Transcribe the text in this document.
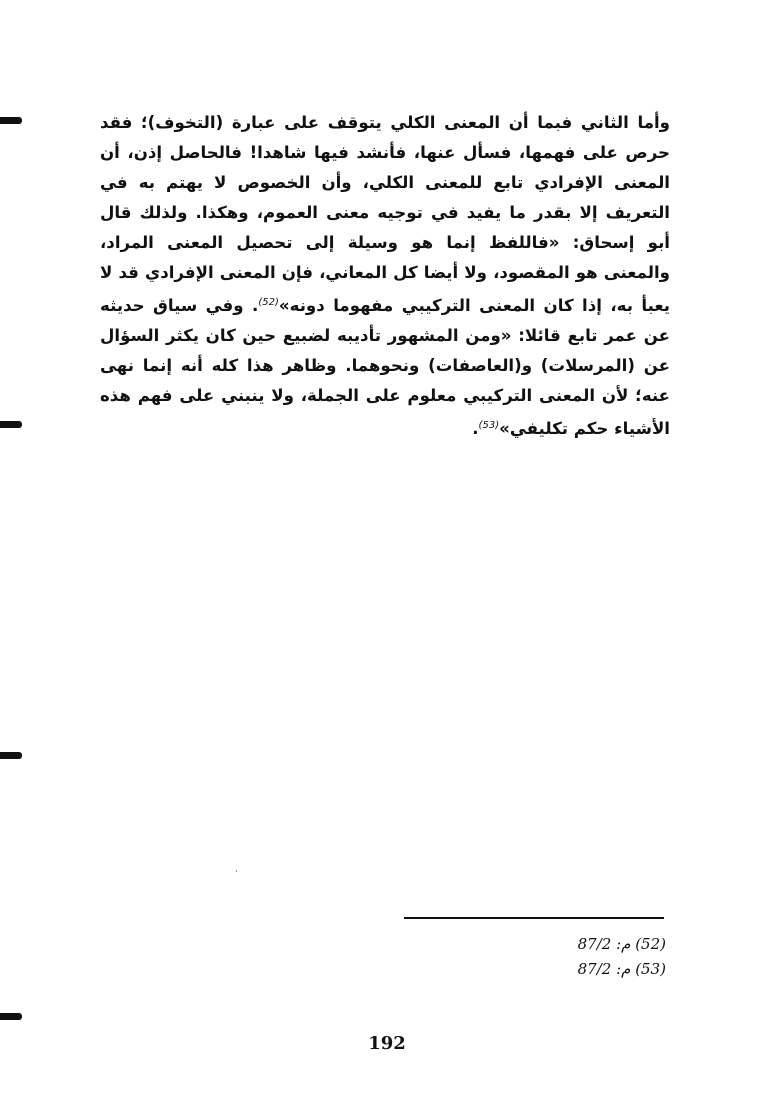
وأما الثاني فبما أن المعنى الكلي يتوقف على عبارة (التخوف)؛ فقد حرص على فهمها، فسأل عنها، فأنشد فيها شاهدا! فالحاصل إذن، أن المعنى الإفرادي تابع للمعنى الكلي، وأن الخصوص لا يهتم به في التعريف إلا بقدر ما يفيد في توجيه معنى العموم، وهكذا. ولذلك قال أبو إسحاق: «فاللفظ إنما هو وسيلة إلى تحصيل المعنى المراد، والمعنى هو المقصود، ولا أيضا كل المعاني، فإن المعنى الإفرادي قد لا يعبأ به، إذا كان المعنى التركيبي مفهوما دونه»$^{(52)}$. وفي سياق حديثه عن عمر تابع قائلا: «ومن المشهور تأديبه لضبيع حين كان يكثر السؤال عن (المرسلات) و(العاصفات) ونحوهما. وظاهر هذا كله أنه إنما نهى عنه؛ لأن المعنى التركيبي معلوم على الجملة، ولا ينبني على فهم هذه الأشياء حكم تكليفي»$^{(53)}$.

(52) م: 87/2
(53) م: 87/2
192
